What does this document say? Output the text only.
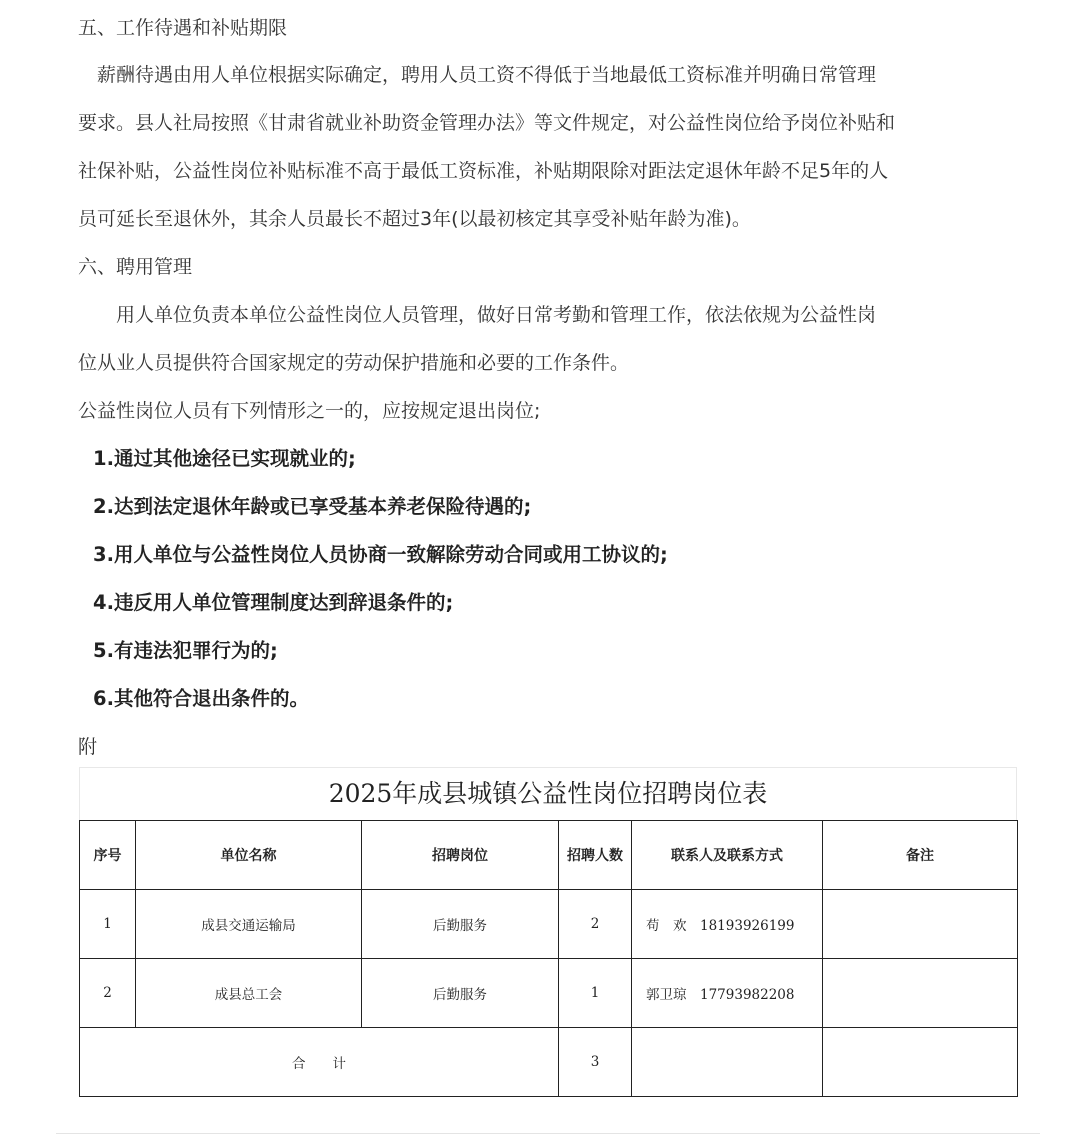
五、工作待遇和补贴期限
　薪酬待遇由用人单位根据实际确定，聘用人员工资不得低于当地最低工资标准并明确日常管理
要求。县人社局按照《甘肃省就业补助资金管理办法》等文件规定，对公益性岗位给予岗位补贴和
社保补贴，公益性岗位补贴标准不高于最低工资标准，补贴期限除对距法定退休年龄不足5年的人
员可延长至退休外，其余人员最长不超过3年(以最初核定其享受补贴年龄为准)。
六、聘用管理
　　用人单位负责本单位公益性岗位人员管理，做好日常考勤和管理工作，依法依规为公益性岗
位从业人员提供符合国家规定的劳动保护措施和必要的工作条件。
公益性岗位人员有下列情形之一的，应按规定退出岗位;
1.通过其他途径已实现就业的;
2.达到法定退休年龄或已享受基本养老保险待遇的;
3.用人单位与公益性岗位人员协商一致解除劳动合同或用工协议的;
4.违反用人单位管理制度达到辞退条件的;
5.有违法犯罪行为的;
6.其他符合退出条件的。
附
2025年成县城镇公益性岗位招聘岗位表
序号	单位名称	招聘岗位	招聘人数	联系人及联系方式	备注
1	成县交通运输局	后勤服务	2	苟　欢　18193926199	
2	成县总工会	后勤服务	1	郭卫琼　17793982208	
合　　计			3		
